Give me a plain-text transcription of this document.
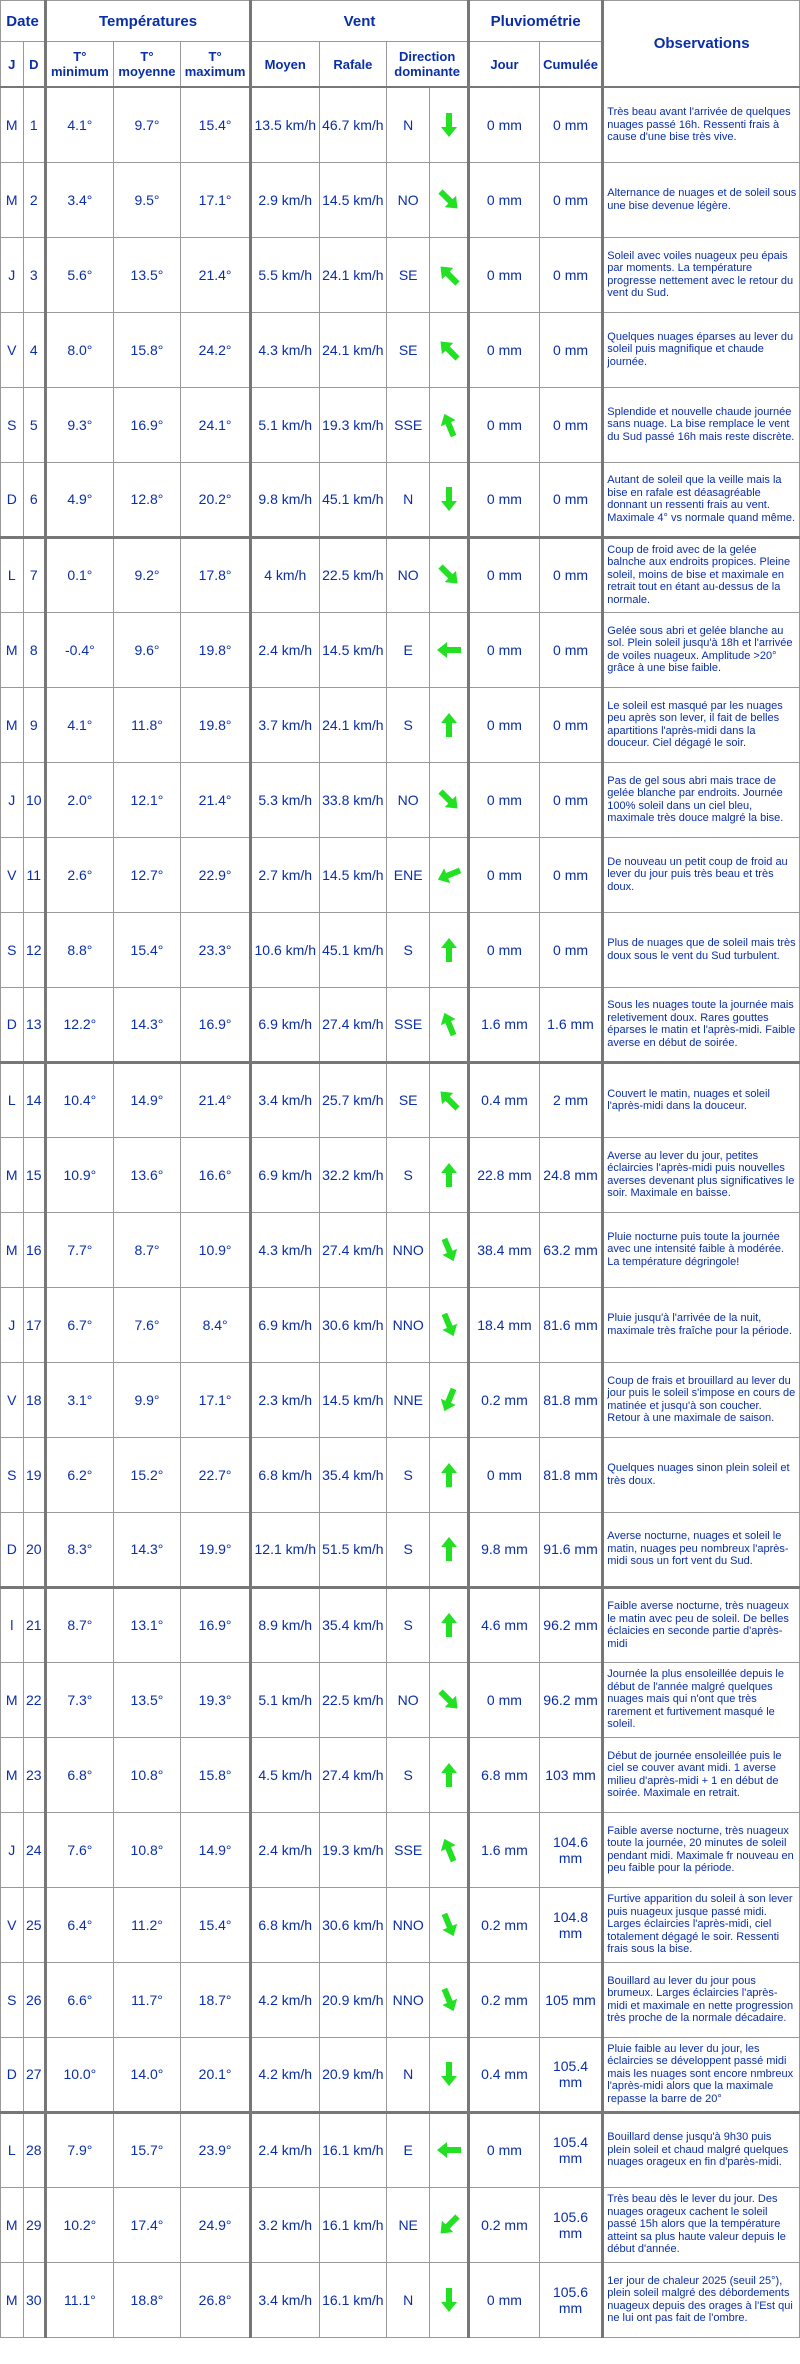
Date		Températures			Vent				Pluviométrie		Observations
J	D	T° minimum	T° moyenne	T° maximum	Moyen	Rafale	Direction dominante		Jour	Cumulée	
M	1	4.1°	9.7°	15.4°	13.5 km/h	46.7 km/h	N		0 mm	0 mm	Très beau avant l'arrivée de quelques nuages passé 16h. Ressenti frais à cause d'une bise très vive.

M	2	3.4°	9.5°	17.1°	2.9 km/h	14.5 km/h	NO		0 mm	0 mm	Alternance de nuages et de soleil sous une bise devenue légère.

J	3	5.6°	13.5°	21.4°	5.5 km/h	24.1 km/h	SE		0 mm	0 mm	Soleil avec voiles nuageux peu épais par moments. La température progresse nettement avec le retour du vent du Sud.

V	4	8.0°	15.8°	24.2°	4.3 km/h	24.1 km/h	SE		0 mm	0 mm	Quelques nuages éparses au lever du soleil puis magnifique et chaude journée.

S	5	9.3°	16.9°	24.1°	5.1 km/h	19.3 km/h	SSE		0 mm	0 mm	Splendide et nouvelle chaude journée sans nuage. La bise remplace le vent du Sud passé 16h mais reste discrète.

D	6	4.9°	12.8°	20.2°	9.8 km/h	45.1 km/h	N		0 mm	0 mm	Autant de soleil que la veille mais la bise en rafale est déasagréable donnant un ressenti frais au vent. Maximale 4° vs normale quand même.

L	7	0.1°	9.2°	17.8°	4 km/h	22.5 km/h	NO		0 mm	0 mm	Coup de froid avec de la gelée balnche aux endroits propices. Pleine soleil, moins de bise et maximale en retrait tout en étant au-dessus de la normale.

M	8	-0.4°	9.6°	19.8°	2.4 km/h	14.5 km/h	E		0 mm	0 mm	Gelée sous abri et gelée blanche au sol. Plein soleil jusqu'à 18h et l'arrivée de voiles nuageux. Amplitude >20° grâce à une bise faible.

M	9	4.1°	11.8°	19.8°	3.7 km/h	24.1 km/h	S		0 mm	0 mm	Le soleil est masqué par les nuages peu après son lever, il fait de belles apartitions l'après-midi dans la douceur. Ciel dégagé le soir.

J	10	2.0°	12.1°	21.4°	5.3 km/h	33.8 km/h	NO		0 mm	0 mm	Pas de gel sous abri mais trace de gelée blanche par endroits. Journée 100% soleil dans un ciel bleu, maximale très douce malgré la bise.

V	11	2.6°	12.7°	22.9°	2.7 km/h	14.5 km/h	ENE		0 mm	0 mm	De nouveau un petit coup de froid au lever du jour puis très beau et très doux.

S	12	8.8°	15.4°	23.3°	10.6 km/h	45.1 km/h	S		0 mm	0 mm	Plus de nuages que de soleil mais très doux sous le vent du Sud turbulent.

D	13	12.2°	14.3°	16.9°	6.9 km/h	27.4 km/h	SSE		1.6 mm	1.6 mm	Sous les nuages toute la journée mais reletivement doux. Rares gouttes éparses le matin et l'après-midi. Faible averse en début de soirée.

L	14	10.4°	14.9°	21.4°	3.4 km/h	25.7 km/h	SE		0.4 mm	2 mm	Couvert le matin, nuages et soleil l'après-midi dans la douceur.

M	15	10.9°	13.6°	16.6°	6.9 km/h	32.2 km/h	S		22.8 mm	24.8 mm	Averse au lever du jour, petites éclaircies l'après-midi puis nouvelles averses devenant plus significatives le soir. Maximale en baisse.

M	16	7.7°	8.7°	10.9°	4.3 km/h	27.4 km/h	NNO		38.4 mm	63.2 mm	Pluie nocturne puis toute la journée avec une intensité faible à modérée. La température dégringole!

J	17	6.7°	7.6°	8.4°	6.9 km/h	30.6 km/h	NNO		18.4 mm	81.6 mm	Pluie jusqu'à l'arrivée de la nuit, maximale très fraîche pour la période.

V	18	3.1°	9.9°	17.1°	2.3 km/h	14.5 km/h	NNE		0.2 mm	81.8 mm	Coup de frais et brouillard au lever du jour puis le soleil s'impose en cours de matinée et jusqu'à son coucher. Retour à une maximale de saison.

S	19	6.2°	15.2°	22.7°	6.8 km/h	35.4 km/h	S		0 mm	81.8 mm	Quelques nuages sinon plein soleil et très doux.

D	20	8.3°	14.3°	19.9°	12.1 km/h	51.5 km/h	S		9.8 mm	91.6 mm	Averse nocturne, nuages et soleil le matin, nuages peu nombreux l'après-midi sous un fort vent du Sud.

l	21	8.7°	13.1°	16.9°	8.9 km/h	35.4 km/h	S		4.6 mm	96.2 mm	Faible averse nocturne, très nuageux le matin avec peu de soleil. De belles éclaicies en seconde partie d'après-midi

M	22	7.3°	13.5°	19.3°	5.1 km/h	22.5 km/h	NO		0 mm	96.2 mm	Journée la plus ensoleillée depuis le début de l'année malgré quelques nuages mais qui n'ont que très rarement et furtivement masqué le soleil.

M	23	6.8°	10.8°	15.8°	4.5 km/h	27.4 km/h	S		6.8 mm	103 mm	Début de journée ensoleillée puis le ciel se couver avant midi. 1 averse milieu d'après-midi + 1 en début de soirée. Maximale en retrait.

J	24	7.6°	10.8°	14.9°	2.4 km/h	19.3 km/h	SSE		1.6 mm	104.6 mm	Faible averse nocturne, très nuageux toute la journée, 20 minutes de soleil pendant midi. Maximale fr nouveau en peu faible pour la période.

V	25	6.4°	11.2°	15.4°	6.8 km/h	30.6 km/h	NNO		0.2 mm	104.8 mm	Furtive apparition du soleil à son lever puis nuageux jusque passé midi. Larges éclaircies l'après-midi, ciel totalement dégagé le soir. Ressenti frais sous la bise.

S	26	6.6°	11.7°	18.7°	4.2 km/h	20.9 km/h	NNO		0.2 mm	105 mm	Bouillard au lever du jour pous brumeux. Larges éclaircies l'après-midi et maximale en nette progression très proche de la normale décadaire.

D	27	10.0°	14.0°	20.1°	4.2 km/h	20.9 km/h	N		0.4 mm	105.4 mm	Pluie faible au lever du jour, les éclaircies se développent passé midi mais les nuages sont encore nmbreux l'après-midi alors que la maximale repasse la barre de 20°

L	28	7.9°	15.7°	23.9°	2.4 km/h	16.1 km/h	E		0 mm	105.4 mm	Bouillard dense jusqu'à 9h30 puis plein soleil et chaud malgré quelques nuages orageux en fin d'parès-midi.

M	29	10.2°	17.4°	24.9°	3.2 km/h	16.1 km/h	NE		0.2 mm	105.6 mm	Très beau dès le lever du jour. Des nuages orageux cachent le soleil passé 15h alors que la température atteint sa plus haute valeur depuis le début d'année.

M	30	11.1°	18.8°	26.8°	3.4 km/h	16.1 km/h	N		0 mm	105.6 mm	1er jour de chaleur 2025 (seuil 25°), plein soleil malgré des débordements nuageux depuis des orages à l'Est qui ne lui ont pas fait de l'ombre.
